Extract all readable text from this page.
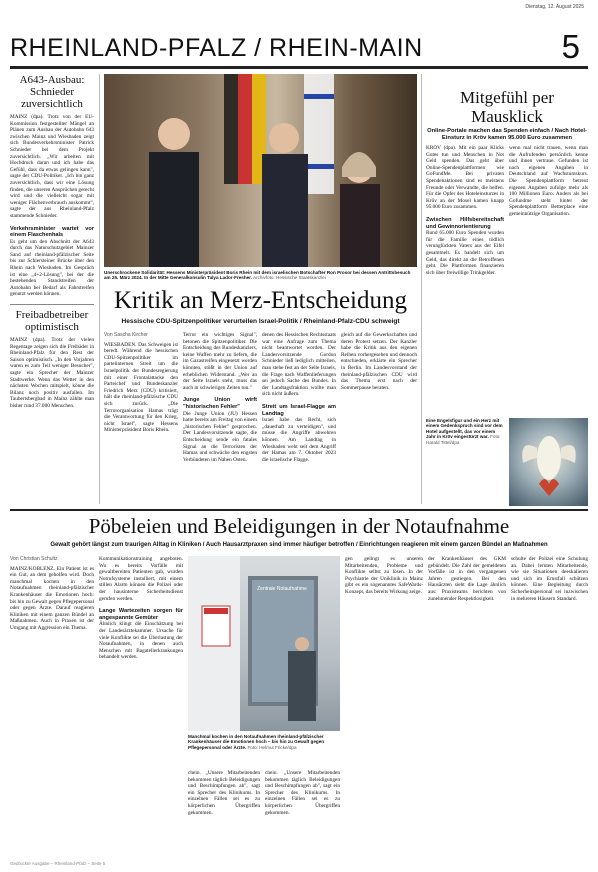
Dienstag, 12. August 2025
RHEINLAND-PFALZ / RHEIN-MAIN	5
A643-Ausbau: Schnieder zuversichtlich
MAINZ (dpa). Trotz von der EU-Kommission festgestellter Mängel an Plänen zum Ausbau der Autobahn 643 zwischen Mainz und Wiesbaden zeigt sich Bundesverkehrsminister Patrick Schnieder bei dem Projekt zuversichtlich. „Wir arbeiten mit Hochdruck daran und ich habe das Gefühl, dass da etwas gelingen kann", sagte der CDU-Politiker. „Ich bin ganz zuversichtlich, dass wir eine Lösung finden, die unseren Ansprüchen gerecht wird und die vielleicht sogar mit weniger Flächenverbrauch auskommt", sagte der aus Rheinland-Pfalz stammende Schnieder.
Verkehrsminister wartet vor einem Flaschenhals
Es geht um den Abschnitt der A643 durch das Naturschutzgebiet Mainzer Sand auf rheinland-pfälzischer Seite bis zur Schiersteiner Brücke über den Rhein nach Wiesbaden. Im Gespräch ist eine „4+2-Lösung", bei der die bestehenden Standstreifen der Autobahn bei Bedarf als Fahrstreifen genutzt werden können.
Freibadbetreiber optimistisch
MAINZ (dpa). Trotz der vielen Regentage zeigen sich die Freibäder in Rheinland-Pfalz für den Rest der Saison optimistisch. „In den Vorjahren waren es zum Teil weniger Besucher", sagte ein Sprecher der Mainzer Stadtwerke. Wenn das Wetter in den nächsten Wochen mitspielt, könne die Bilanz noch positiv ausfallen. Im Taubertsbergbad in Mainz zählte man bisher rund 37.000 Menschen.
Unerschrockene Solidarität: Hessens Ministerpräsident Boris Rhein mit dem israelischen Botschafter Ron Prosor bei dessen Antrittsbesuch am 25. März 2024. In der Mitte Generalkonsulin Talya Lador-Fresher. Archivfoto: Hessische Staatskanzlei
Kritik an Merz-Entscheidung
Hessische CDU-Spitzenpolitiker verurteilen Israel-Politik / Rheinland-Pfalz-CDU schweigt
Von Sascha Kircher
WIESBADEN. Das Schweigen ist beredt. Während die hessischen CDU-Spitzenpolitiker im parteiinternen Streit um die Israelpolitik der Bundesregierung mit einer Frontalattacke den Parteichef und Bundeskanzler Friedrich Merz (CDU) kritisiert, hält die rheinland-pfälzische CDU sich zurück. „Die Terrororganisation Hamas trägt die Verantwortung für den Krieg, nicht Israel", sagte Hessens Ministerpräsident Boris Rhein.
Terror ein wichtiges Signal", betonen die Spitzenpolitiker. Die Entscheidung des Bundeskanzlers, keine Waffen mehr zu liefern, die im Gazastreifen eingesetzt werden könnten, stößt in der Union auf erheblichen Widerstand. „Wer an der Seite Israels steht, muss das auch in schwierigen Zeiten tun."
Junge Union wirft "historischen Fehler"
Die Junge Union (JU) Hessen hatte bereits am Freitag von einem „historischen Fehler" gesprochen. Der Landesvorsitzende sagte, die Entscheidung sende ein fatales Signal an die Terroristen der Hamas und schwäche den engsten Verbündeten im Nahen Osten.
denen des Hessischen Rechtsstaats war eine Anfrage zum Thema nicht beantwortet worden. Der Landesvorsitzende Gordon Schnieder ließ lediglich mitteilen, man stehe fest an der Seite Israels, die Frage nach Waffenlieferungen sei jedoch Sache des Bundes. In der Landtagsfraktion wollte man sich nicht äußern.
Streit um Israel-Flagge am Landtag
Israel habe das Recht, sich „dauerhaft zu verteidigen", und müsse die Angriffe abwehren können. Am Landtag in Wiesbaden weht seit dem Angriff der Hamas am 7. Oktober 2023 die israelische Flagge.
gleich auf die Gewerkschaften und deren Protest setzen. Der Kanzler habe die Kritik aus den eigenen Reihen vorhergesehen und dennoch entschieden, erklärte ein Sprecher in Berlin. Im Landesvorstand der rheinland-pfälzischen CDU wird das Thema erst nach der Sommerpause beraten.
Mitgefühl per Mausklick
Online-Portale machen das Spenden einfach / Nach Hotel-Einsturz in Kröv kamen 95.000 Euro zusammen
KRÖV (dpa). Mit ein paar Klicks Gutes tun und Menschen in Not Geld spenden. Das geht über Online-Spendenplattformen wie GoFundMe. Bei privaten Spendenaktionen sind es meistens Freunde oder Verwandte, die helfen. Für die Opfer des Hoteleinsturzes in Kröv an der Mosel kamen knapp 95.000 Euro zusammen.
Zwischen Hilfsbereitschaft und Gewinnorientierung
Rund 65.000 Euro Spenden wurden für die Familie eines tödlich verunglückten Vaters aus der Eifel gesammelt. Es handelt sich um Geld, das direkt an die Betroffenen geht. Die Plattformen finanzieren sich über freiwillige Trinkgelder.
wenn mal nicht trauen, wenn man die Aufrufenden persönlich kenne und ihnen vertraue. Gefunden ist nach eigenen Angaben in Deutschland auf Wachstumskurs. Die Spendenplattform betreut eigenen Angaben zufolge mehr als 100 Millionen Euro. Anders als bei Gofundme steht hinter der Spendenplattform Betterplace eine gemeinnützige Organisation.
Eine Engelsfigur und ein Herz mit einem Gedenkspruch sind vor dem Hotel aufgestellt, das vor einem Jahr in Kröv eingestürzt war. Foto: Harald Tittel/dpa
Pöbeleien und Beleidigungen in der Notaufnahme
Gewalt gehört längst zum traurigen Alltag in Kliniken / Auch Hausarztpraxen sind immer häufiger betroffen / Einrichtungen reagieren mit einem ganzen Bündel an Maßnahmen
Von Christian Schultz
MAINZ/KOBLENZ. Ein Patient ist es ein Gut, an dem geholfen wird. Doch manchmal kochen in den Notaufnahmen rheinland-pfälzischer Krankenhäuser die Emotionen hoch: bis hin zu Gewalt gegen Pflegepersonal oder gegen Ärzte. Darauf reagieren Kliniken mit einem ganzen Bündel an Maßnahmen. Auch in Praxen ist der Umgang mit Aggression ein Thema.
Kommunikationstraining angeboten. Wo es bereits Vorfälle mit gewaltbereiten Patienten gab, wurden Notrufsysteme installiert, mit einem stillen Alarm können die Polizei oder der hausinterne Sicherheitsdienst gerufen werden.
Lange Wartezeiten sorgen für angespannte Gemüter
Ähnlich klingt die Einschätzung bei der Landesärztekammer. Ursache für viele Konflikte sei die Überlastung der Notaufnahmen, in denen auch Menschen mit Bagatellerkrankungen behandelt werden.
Zentrale Notaufnahme
Manchmal kochen in den Notaufnahmen rheinland-pfälzischer Krankenhäuser die Emotionen hoch – bis hin zu Gewalt gegen Pflegepersonal oder Ärzte. Foto: Helmut Fricke/dpa
chein. „Unsere Mitarbeitenden bekommen täglich Beleidigungen und Beschimpfungen ab", sagt ein Sprecher des Klinikums. In einzelnen Fällen sei es zu körperlichen Übergriffen gekommen.
chein. „Unsere Mitarbeitenden bekommen täglich Beleidigungen und Beschimpfungen ab", sagt ein Sprecher des Klinikums. In einzelnen Fällen sei es zu körperlichen Übergriffen gekommen.
gen gelingt es unseren Mitarbeitenden, Probleme und Konflikte selbst zu lösen. In der Psychiatrie der Uniklinik in Mainz gibt es ein sogenanntes SafeWards-Konzept, das bereits Wirkung zeige.
der Krankenhäuser des GKM gebündelt. Die Zahl der gemeldeten Vorfälle ist in den vergangenen Jahren gestiegen. Bei den Hausärzten sieht die Lage ähnlich aus: Praxisteams berichten von zunehmender Respektlosigkeit.
schulte der Polizei eine Schulung an. Dabei lernten Mitarbeitende, wie sie Situationen deeskalieren und sich im Ernstfall schützen können. Eine Begleitung durch Sicherheitspersonal sei inzwischen in mehreren Häusern Standard.
Gedruckte Ausgabe – Rheinland-Pfalz – Seite 5
